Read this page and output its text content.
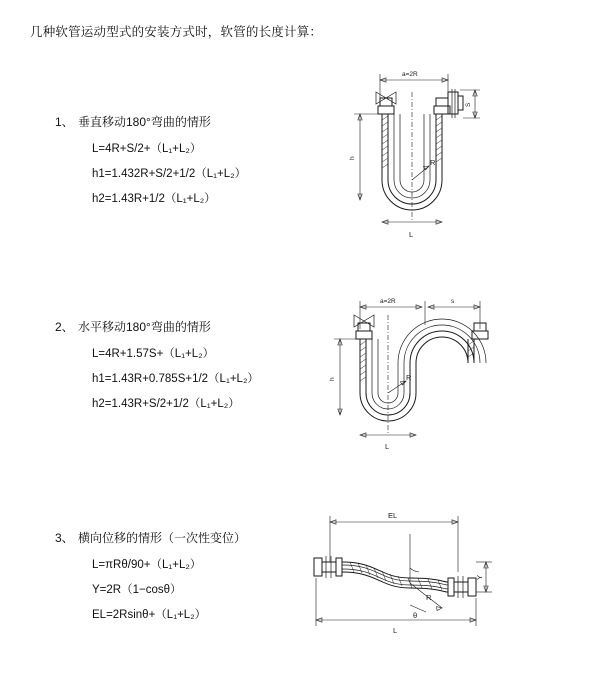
几种软管运动型式的安装方式时，软管的长度计算：
1、 垂直移动180°弯曲的情形
L=4R+S/2+（L₁+L₂）
h1=1.432R+S/2+1/2（L₁+L₂）
h2=1.43R+1/2（L₁+L₂）
a=2R
R
h
S
L
2、 水平移动180°弯曲的情形
L=4R+1.57S+（L₁+L₂）
h1=1.43R+0.785S+1/2（L₁+L₂）
h2=1.43R+S/2+1/2（L₁+L₂）
a=2R	s
R
h
L
3、 横向位移的情形（一次性变位）
L=πRθ/90+（L₁+L₂）
Y=2R（1−cosθ）
EL=2Rsinθ+（L₁+L₂）
EL
R
θ
Y
L
